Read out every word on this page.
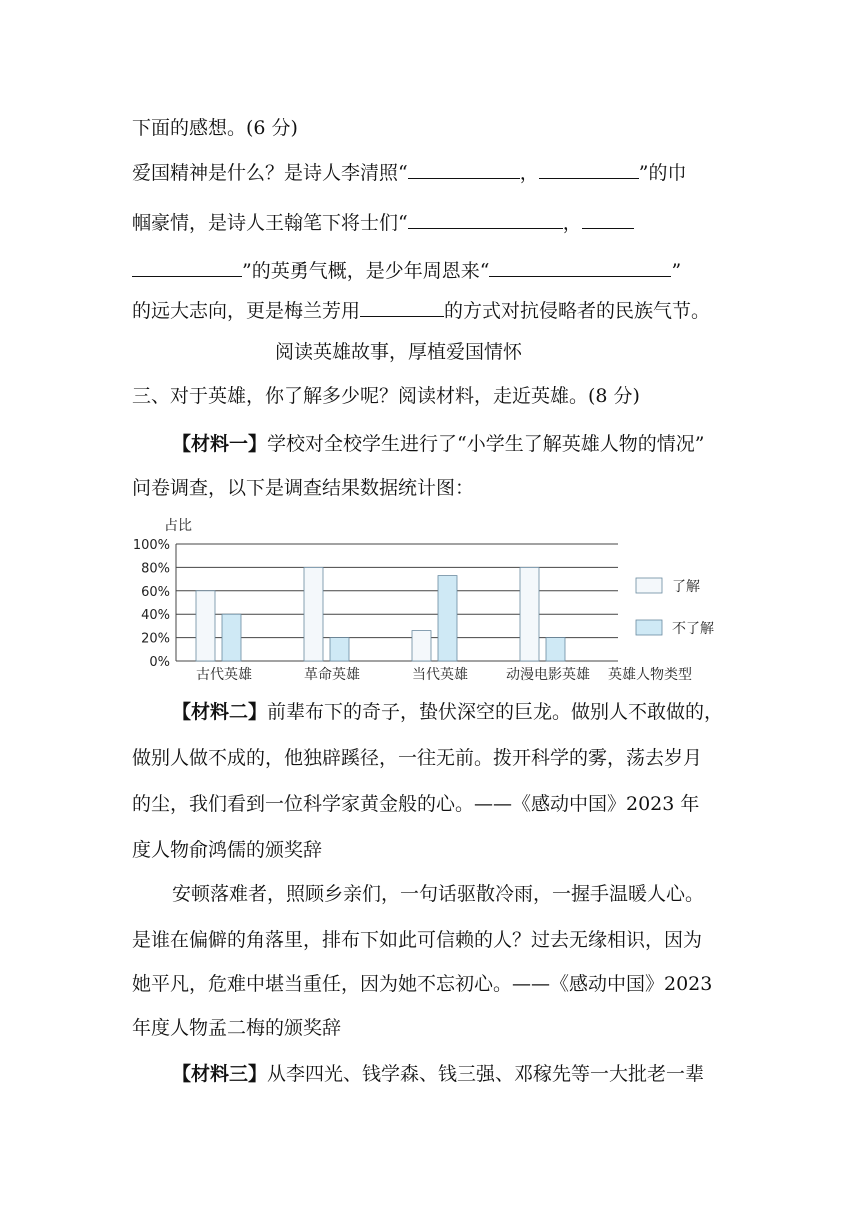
下面的感想。(6 分)
爱国精神是什么？是诗人李清照“	，	”的巾
帼豪情，是诗人王翰笔下将士们“	，
”的英勇气概，是少年周恩来“	”
的远大志向，更是梅兰芳用	的方式对抗侵略者的民族气节。
阅读英雄故事，厚植爱国情怀
三、对于英雄，你了解多少呢？阅读材料，走近英雄。(8 分)
【材料一】学校对全校学生进行了“小学生了解英雄人物的情况”
问卷调查，以下是调查结果数据统计图：
占比
0%
20%
40%
60%
80%
100%
古代英雄	革命英雄	当代英雄	动漫电影英雄 英雄人物类型
了解
不了解
【材料二】前辈布下的奇子，蛰伏深空的巨龙。做别人不敢做的，
做别人做不成的，他独辟蹊径，一往无前。拨开科学的雾，荡去岁月
的尘，我们看到一位科学家黄金般的心。——《感动中国》2023 年
度人物俞鸿儒的颁奖辞
安顿落难者，照顾乡亲们，一句话驱散冷雨，一握手温暖人心。
是谁在偏僻的角落里，排布下如此可信赖的人？过去无缘相识，因为
她平凡，危难中堪当重任，因为她不忘初心。——《感动中国》2023
年度人物孟二梅的颁奖辞
【材料三】从李四光、钱学森、钱三强、邓稼先等一大批老一辈
